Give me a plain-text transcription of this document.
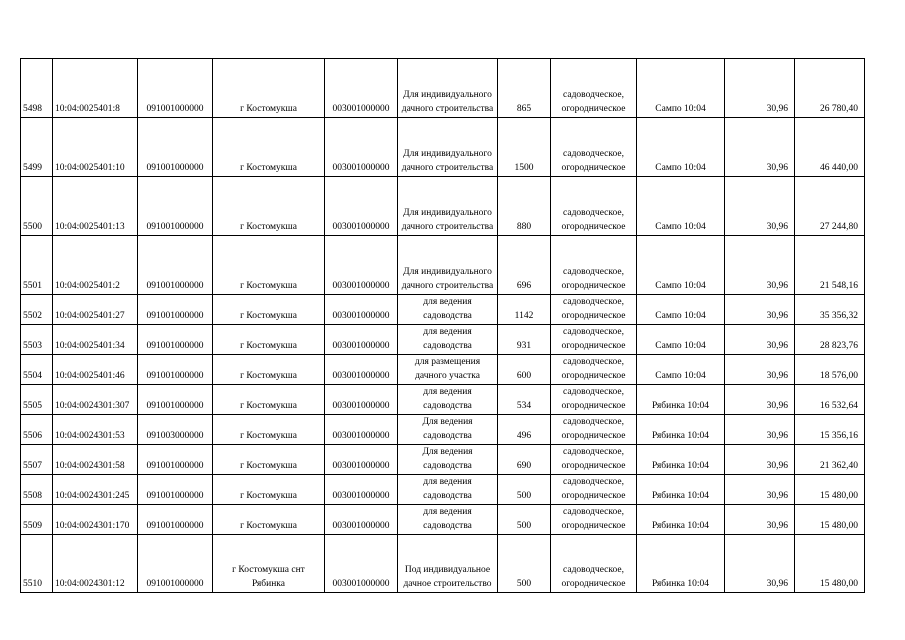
5498	10:04:0025401:8	091001000000	г Костомукша	003001000000	Для индивидуального дачного строительства	865	садоводческое, огородническое	Сампо 10:04	30,96	26 780,40
5499	10:04:0025401:10	091001000000	г Костомукша	003001000000	Для индивидуального дачного строительства	1500	садоводческое, огородническое	Сампо 10:04	30,96	46 440,00
5500	10:04:0025401:13	091001000000	г Костомукша	003001000000	Для индивидуального дачного строительства	880	садоводческое, огородническое	Сампо 10:04	30,96	27 244,80
5501	10:04:0025401:2	091001000000	г Костомукша	003001000000	Для индивидуального дачного строительства	696	садоводческое, огородническое	Сампо 10:04	30,96	21 548,16
5502	10:04:0025401:27	091001000000	г Костомукша	003001000000	для ведения садоводства	1142	садоводческое, огородническое	Сампо 10:04	30,96	35 356,32
5503	10:04:0025401:34	091001000000	г Костомукша	003001000000	для ведения садоводства	931	садоводческое, огородническое	Сампо 10:04	30,96	28 823,76
5504	10:04:0025401:46	091001000000	г Костомукша	003001000000	для размещения дачного участка	600	садоводческое, огородническое	Сампо 10:04	30,96	18 576,00
5505	10:04:0024301:307	091001000000	г Костомукша	003001000000	для ведения садоводства	534	садоводческое, огородническое	Рябинка 10:04	30,96	16 532,64
5506	10:04:0024301:53	091003000000	г Костомукша	003001000000	Для ведения садоводства	496	садоводческое, огородническое	Рябинка 10:04	30,96	15 356,16
5507	10:04:0024301:58	091001000000	г Костомукша	003001000000	Для ведения садоводства	690	садоводческое, огородническое	Рябинка 10:04	30,96	21 362,40
5508	10:04:0024301:245	091001000000	г Костомукша	003001000000	для ведения садоводства	500	садоводческое, огородническое	Рябинка 10:04	30,96	15 480,00
5509	10:04:0024301:170	091001000000	г Костомукша	003001000000	для ведения садоводства	500	садоводческое, огородническое	Рябинка 10:04	30,96	15 480,00
5510	10:04:0024301:12	091001000000	г Костомукша снт Рябинка	003001000000	Под индивидуальное дачное строительство	500	садоводческое, огородническое	Рябинка 10:04	30,96	15 480,00
